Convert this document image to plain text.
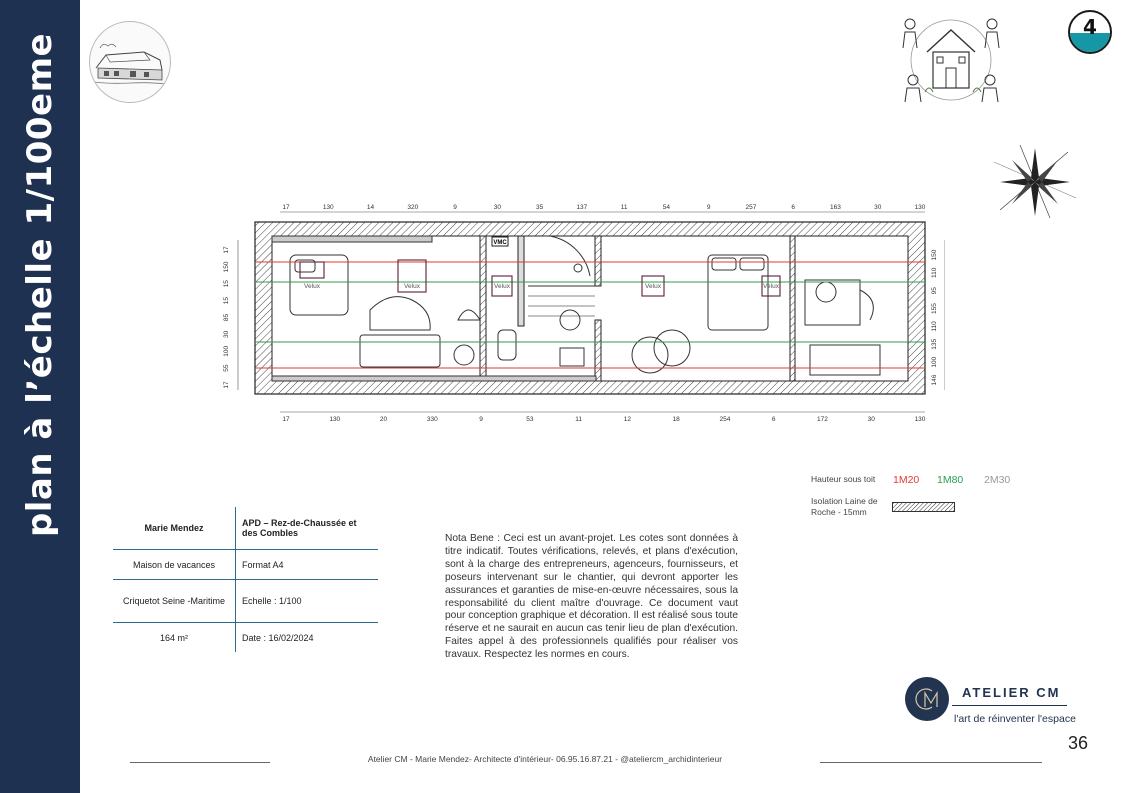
plan à l’échelle 1/100eme
4
Velux	Velux	Velux	Velux	Velux
VMC
17	130	14	320	9	30	35	137	11	54	9	257	6	163	30	130
17	130	20	330	9	53	11	12	18	254	6	172	30	130
17
150
15
15
85
30
100
55
17
150
110
95
155
110
135
100
146
Hauteur sous toit 1M20 1M80 2M30
Isolation Laine de Roche - 15mm
Marie Mendez	APD – Rez-de-Chaussée et des Combles
Maison de vacances	Format A4
Criquetot Seine -Maritime	Echelle : 1/100
164 m²	Date : 16/02/2024
Nota Bene : Ceci est un avant-projet. Les cotes sont données à titre indicatif. Toutes vérifications, relevés, et plans d'exécution, sont à la charge des entrepreneurs, agenceurs, fournisseurs, et poseurs intervenant sur le chantier, qui devront apporter les assurances et garanties de mise-en-œuvre nécessaires, sous la responsabilité du client maître d'ouvrage. Ce document vaut pour conception graphique et décoration. Il est réalisé sous toute réserve et ne saurait en aucun cas tenir lieu de plan d'exécution. Faites appel à des professionnels qualifiés pour réaliser vos travaux. Respectez les normes en cours.
ATELIER CM
l'art de réinventer l'espace
36
Atelier CM - Marie Mendez- Architecte d'intérieur- 06.95.16.87.21 - @ateliercm_archidinterieur
